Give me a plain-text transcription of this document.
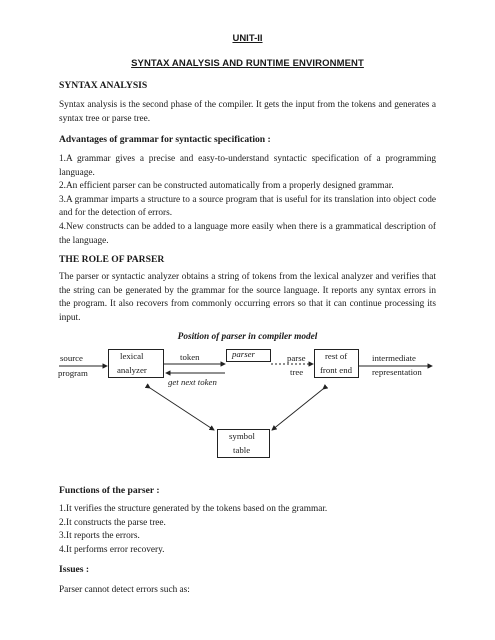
UNIT-II
SYNTAX ANALYSIS AND RUNTIME ENVIRONMENT
SYNTAX ANALYSIS
Syntax analysis is the second phase of the compiler. It gets the input from the tokens and generates a syntax tree or parse tree.
Advantages of grammar for syntactic specification :

1.A grammar gives a precise and easy-to-understand syntactic specification of a programming language.

2.An efficient parser can be constructed automatically from a properly designed grammar.

3.A grammar imparts a structure to a source program that is useful for its translation into object code and for the detection of errors.

4.New constructs can be added to a language more easily when there is a grammatical description of the language.

THE ROLE OF PARSER
The parser or syntactic analyzer obtains a string of tokens from the lexical analyzer and verifies that the string can be generated by the grammar for the source language. It reports any syntax errors in the program. It also recovers from commonly occurring errors so that it can continue processing its input.
Position of parser in compiler model
source
program
lexical
analyzer
token	parser	parse
tree
rest of
front end
intermediate
representation
get next token
symbol
table
Functions of the parser :

1.It verifies the structure generated by the tokens based on the grammar.

2.It constructs the parse tree.

3.It reports the errors.

4.It performs error recovery.

Issues :
Parser cannot detect errors such as:
